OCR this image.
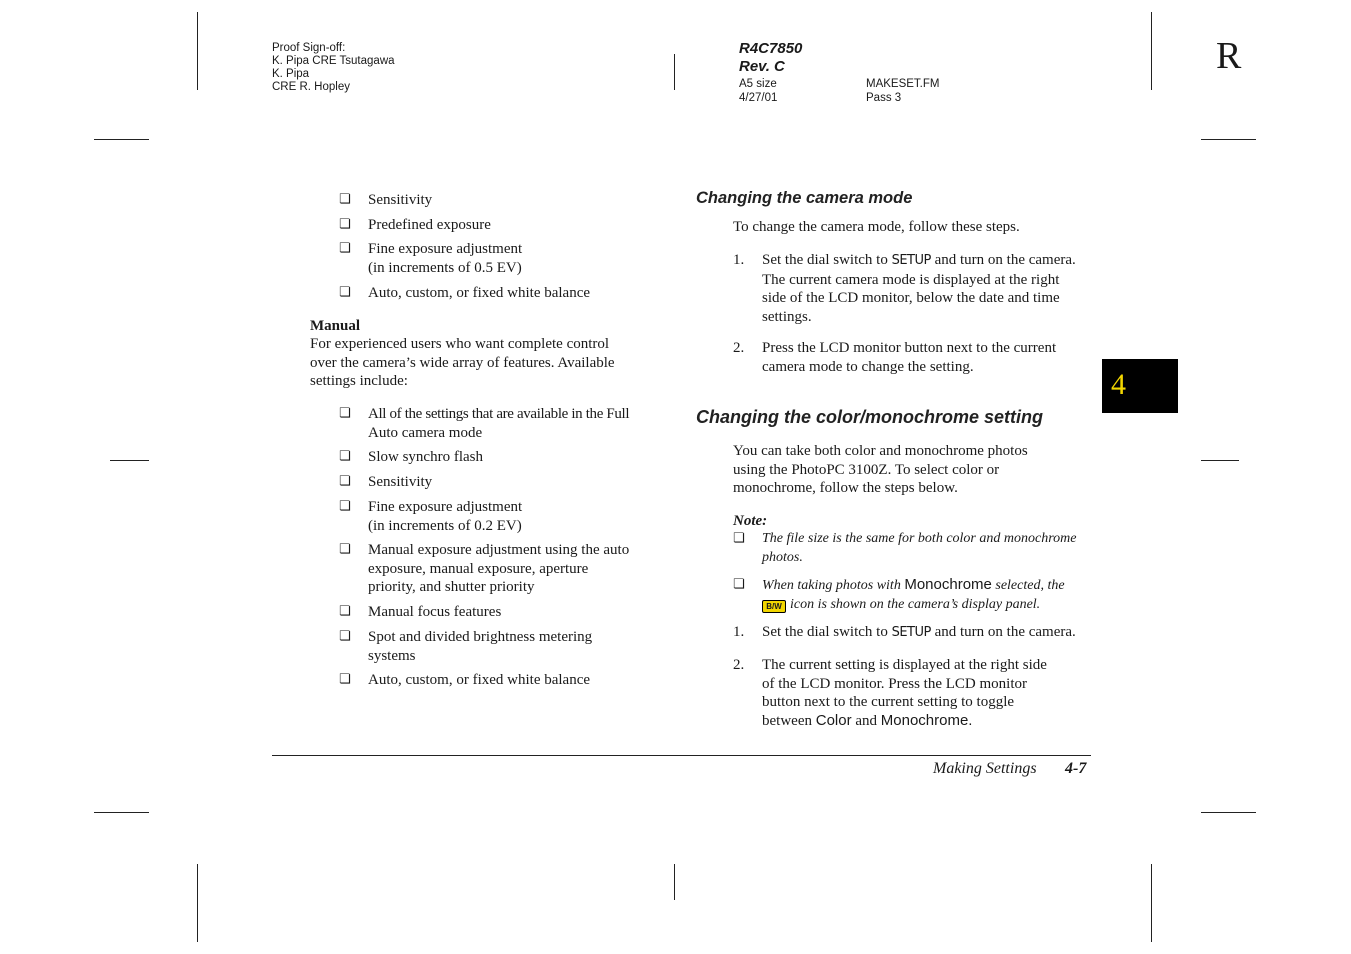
Proof Sign-off:
K. Pipa CRE Tsutagawa
K. Pipa
CRE R. Hopley
R4C7850
Rev. C
A5 size	MAKESET.FM
4/27/01	Pass 3
R
❏	Sensitivity
❏	Predefined exposure
❏	Fine exposure adjustment
(in increments of 0.5 EV)
❏	Auto, custom, or fixed white balance
Manual
For experienced users who want complete control
over the camera’s wide array of features. Available
settings include:
❏	All of the settings that are available in the Full
Auto camera mode
❏	Slow synchro flash
❏	Sensitivity
❏	Fine exposure adjustment
(in increments of 0.2 EV)
❏	Manual exposure adjustment using the auto
exposure, manual exposure, aperture
priority, and shutter priority
❏	Manual focus features
❏	Spot and divided brightness metering
systems
❏	Auto, custom, or fixed white balance
Changing the camera mode
To change the camera mode, follow these steps.
1.	Set the dial switch to SETUP and turn on the camera.
The current camera mode is displayed at the right
side of the LCD monitor, below the date and time
settings.
2.	Press the LCD monitor button next to the current
camera mode to change the setting.
Changing the color/monochrome setting
You can take both color and monochrome photos
using the PhotoPC 3100Z. To select color or
monochrome, follow the steps below.
Note:
❏	The file size is the same for both color and monochrome
photos.
❏	When taking photos with Monochrome selected, the
B/W icon is shown on the camera’s display panel.
1.	Set the dial switch to SETUP and turn on the camera.
2.	The current setting is displayed at the right side
of the LCD monitor. Press the LCD monitor
button next to the current setting to toggle
between Color and Monochrome.
4
Making Settings 4-7
